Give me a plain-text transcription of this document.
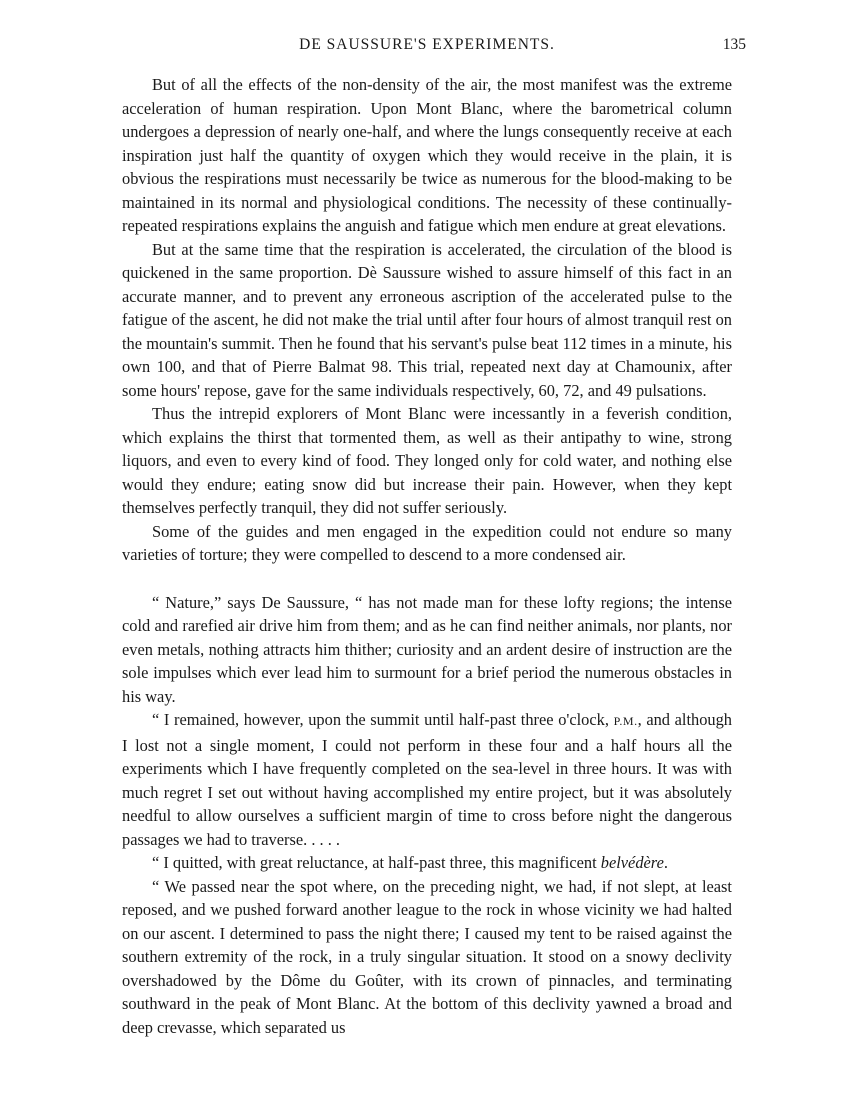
DE SAUSSURE'S EXPERIMENTS.	135

But of all the effects of the non-density of the air, the most manifest was the extreme acceleration of human respiration. Upon Mont Blanc, where the barometrical column undergoes a depression of nearly one-half, and where the lungs consequently receive at each inspiration just half the quantity of oxygen which they would receive in the plain, it is obvious the respirations must necessarily be twice as numerous for the blood-making to be maintained in its normal and physiological conditions. The necessity of these continually-repeated respirations explains the anguish and fatigue which men endure at great elevations.

But at the same time that the respiration is accelerated, the circulation of the blood is quickened in the same proportion. Dè Saussure wished to assure himself of this fact in an accurate manner, and to prevent any erroneous ascription of the accelerated pulse to the fatigue of the ascent, he did not make the trial until after four hours of almost tranquil rest on the mountain's summit. Then he found that his servant's pulse beat 112 times in a minute, his own 100, and that of Pierre Balmat 98. This trial, repeated next day at Chamounix, after some hours' repose, gave for the same individuals respectively, 60, 72, and 49 pulsations.

Thus the intrepid explorers of Mont Blanc were incessantly in a feverish condition, which explains the thirst that tormented them, as well as their antipathy to wine, strong liquors, and even to every kind of food. They longed only for cold water, and nothing else would they endure; eating snow did but increase their pain. However, when they kept themselves perfectly tranquil, they did not suffer seriously.

Some of the guides and men engaged in the expedition could not endure so many varieties of torture; they were compelled to descend to a more condensed air.

“ Nature,” says De Saussure, “ has not made man for these lofty regions; the intense cold and rarefied air drive him from them; and as he can find neither animals, nor plants, nor even metals, nothing attracts him thither; curiosity and an ardent desire of instruction are the sole impulses which ever lead him to surmount for a brief period the numerous obstacles in his way.

“ I remained, however, upon the summit until half-past three o'clock, P.M., and although I lost not a single moment, I could not perform in these four and a half hours all the experiments which I have frequently completed on the sea-level in three hours. It was with much regret I set out without having accomplished my entire project, but it was absolutely needful to allow ourselves a sufficient margin of time to cross before night the dangerous passages we had to traverse. . . . .

“ I quitted, with great reluctance, at half-past three, this magnificent belvédère.

“ We passed near the spot where, on the preceding night, we had, if not slept, at least reposed, and we pushed forward another league to the rock in whose vicinity we had halted on our ascent. I determined to pass the night there; I caused my tent to be raised against the southern extremity of the rock, in a truly singular situation. It stood on a snowy declivity overshadowed by the Dôme du Goûter, with its crown of pinnacles, and terminating southward in the peak of Mont Blanc. At the bottom of this declivity yawned a broad and deep crevasse, which separated us
